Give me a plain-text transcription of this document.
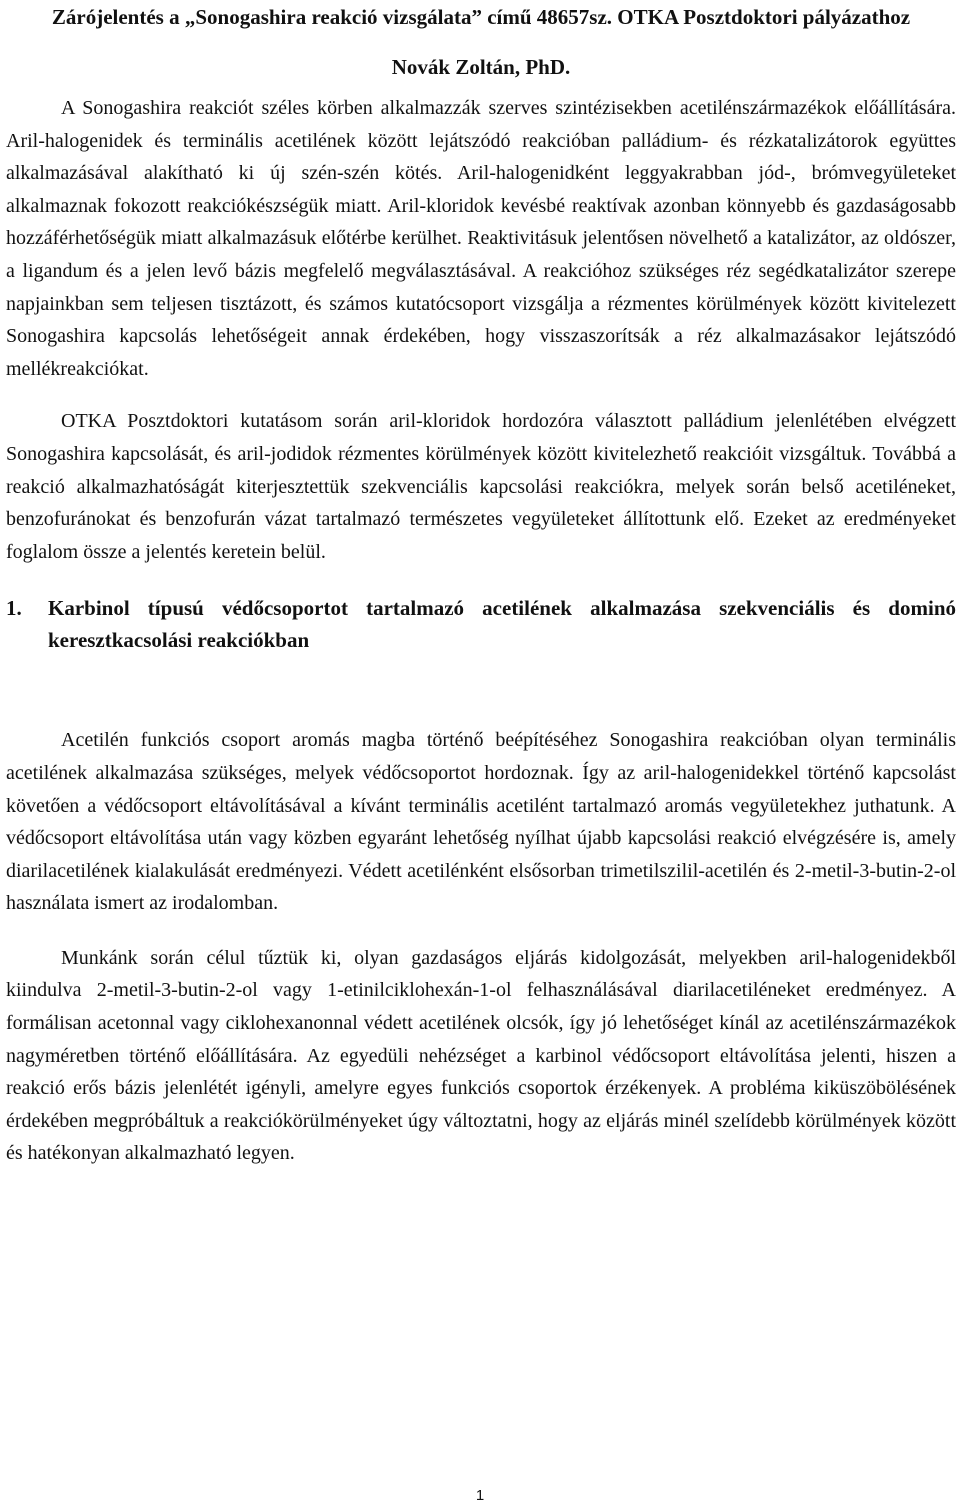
Zárójelentés a „Sonogashira reakció vizsgálata” című 48657sz. OTKA Posztdoktori pályázathoz
Novák Zoltán, PhD.

A Sonogashira reakciót széles körben alkalmazzák szerves szintézisekben acetilénszármazékok előállítására. Aril-halogenidek és terminális acetilének között lejátszódó reakcióban palládium- és rézkatalizátorok együttes alkalmazásával alakítható ki új szén-szén kötés. Aril-halogenidként leggyakrabban jód-, brómvegyületeket alkalmaznak fokozott reakciókészségük miatt. Aril-kloridok kevésbé reaktívak azonban könnyebb és gazdaságosabb hozzáférhetőségük miatt alkalmazásuk előtérbe kerülhet. Reaktivitásuk jelentősen növelhető a katalizátor, az oldószer, a ligandum és a jelen levő bázis megfelelő megválasztásával. A reakcióhoz szükséges réz segédkatalizátor szerepe napjainkban sem teljesen tisztázott, és számos kutatócsoport vizsgálja a rézmentes körülmények között kivitelezett Sonogashira kapcsolás lehetőségeit annak érdekében, hogy visszaszorítsák a réz alkalmazásakor lejátszódó mellékreakciókat.

OTKA Posztdoktori kutatásom során aril-kloridok hordozóra választott palládium jelenlétében elvégzett Sonogashira kapcsolását, és aril-jodidok rézmentes körülmények között kivitelezhető reakcióit vizsgáltuk. Továbbá a reakció alkalmazhatóságát kiterjesztettük szekvenciális kapcsolási reakciókra, melyek során belső acetiléneket, benzofuránokat és benzofurán vázat tartalmazó természetes vegyületeket állítottunk elő. Ezeket az eredményeket foglalom össze a jelentés keretein belül.

1.	Karbinol típusú védőcsoportot tartalmazó acetilének alkalmazása szekvenciális és dominó keresztkacsolási reakciókban

Acetilén funkciós csoport aromás magba történő beépítéséhez Sonogashira reakcióban olyan terminális acetilének alkalmazása szükséges, melyek védőcsoportot hordoznak. Így az aril-halogenidekkel történő kapcsolást követően a védőcsoport eltávolításával a kívánt terminális acetilént tartalmazó aromás vegyületekhez juthatunk. A védőcsoport eltávolítása után vagy közben egyaránt lehetőség nyílhat újabb kapcsolási reakció elvégzésére is, amely diarilacetilének kialakulását eredményezi. Védett acetilénként elsősorban trimetilszilil-acetilén és 2-metil-3-butin-2-ol használata ismert az irodalomban.

Munkánk során célul tűztük ki, olyan gazdaságos eljárás kidolgozását, melyekben aril-halogenidekből kiindulva 2-metil-3-butin-2-ol vagy 1-etinilciklohexán-1-ol felhasználásával diarilacetiléneket eredményez. A formálisan acetonnal vagy ciklohexanonnal védett acetilének olcsók, így jó lehetőséget kínál az acetilénszármazékok nagyméretben történő előállítására. Az egyedüli nehézséget a karbinol védőcsoport eltávolítása jelenti, hiszen a reakció erős bázis jelenlétét igényli, amelyre egyes funkciós csoportok érzékenyek. A probléma kiküszöbölésének érdekében megpróbáltuk a reakciókörülményeket úgy változtatni, hogy az eljárás minél szelídebb körülmények között és hatékonyan alkalmazható legyen.

1
